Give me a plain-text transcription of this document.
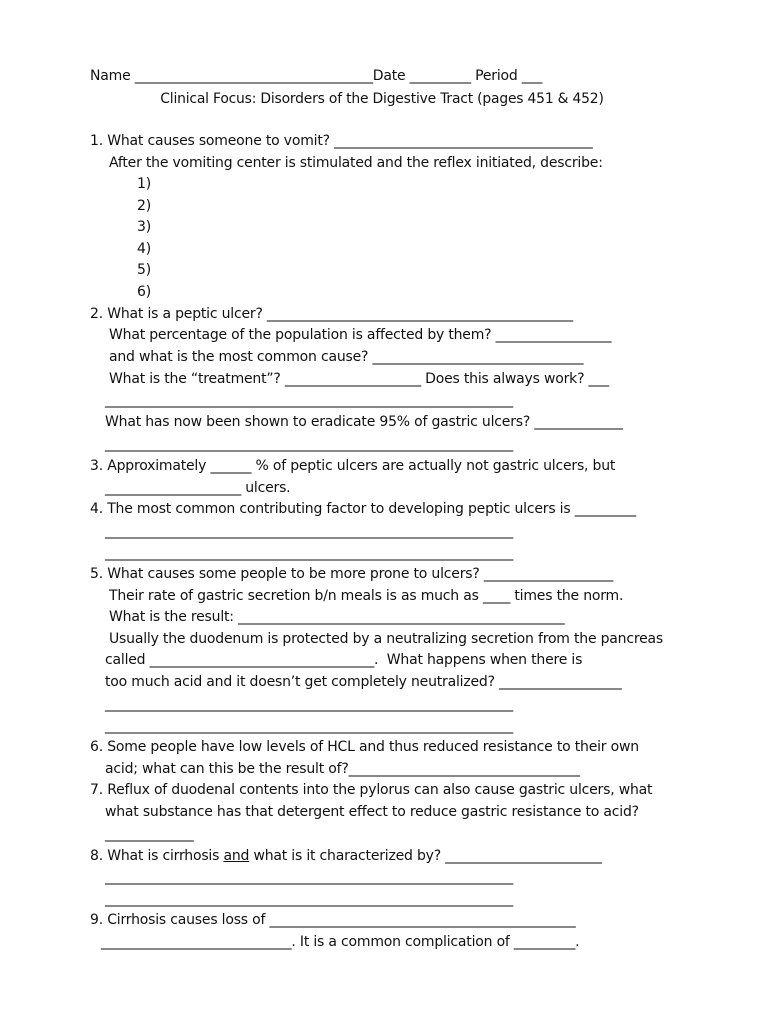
Name ___________________________________Date _________ Period ___
Clinical Focus: Disorders of the Digestive Tract (pages 451 & 452)
1. What causes someone to vomit? ______________________________________
After the vomiting center is stimulated and the reflex initiated, describe:
1)
2)
3)
4)
5)
6)
2. What is a peptic ulcer? _____________________________________________
What percentage of the population is affected by them? _________________
and what is the most common cause? _______________________________
What is the “treatment”? ____________________ Does this always work? ___
____________________________________________________________
What has now been shown to eradicate 95% of gastric ulcers? _____________
____________________________________________________________
3. Approximately ______ % of peptic ulcers are actually not gastric ulcers, but
____________________ ulcers.
4. The most common contributing factor to developing peptic ulcers is _________
____________________________________________________________
____________________________________________________________
5. What causes some people to be more prone to ulcers? ___________________
Their rate of gastric secretion b/n meals is as much as ____ times the norm.
What is the result: ________________________________________________
Usually the duodenum is protected by a neutralizing secretion from the pancreas
called _________________________________.  What happens when there is
too much acid and it doesn’t get completely neutralized? __________________
____________________________________________________________
____________________________________________________________
6. Some people have low levels of HCL and thus reduced resistance to their own
acid; what can this be the result of?__________________________________
7. Reflux of duodenal contents into the pylorus can also cause gastric ulcers, what
what substance has that detergent effect to reduce gastric resistance to acid?
_____________
8. What is cirrhosis and what is it characterized by? _______________________
____________________________________________________________
____________________________________________________________
9. Cirrhosis causes loss of _____________________________________________
____________________________. It is a common complication of _________.
